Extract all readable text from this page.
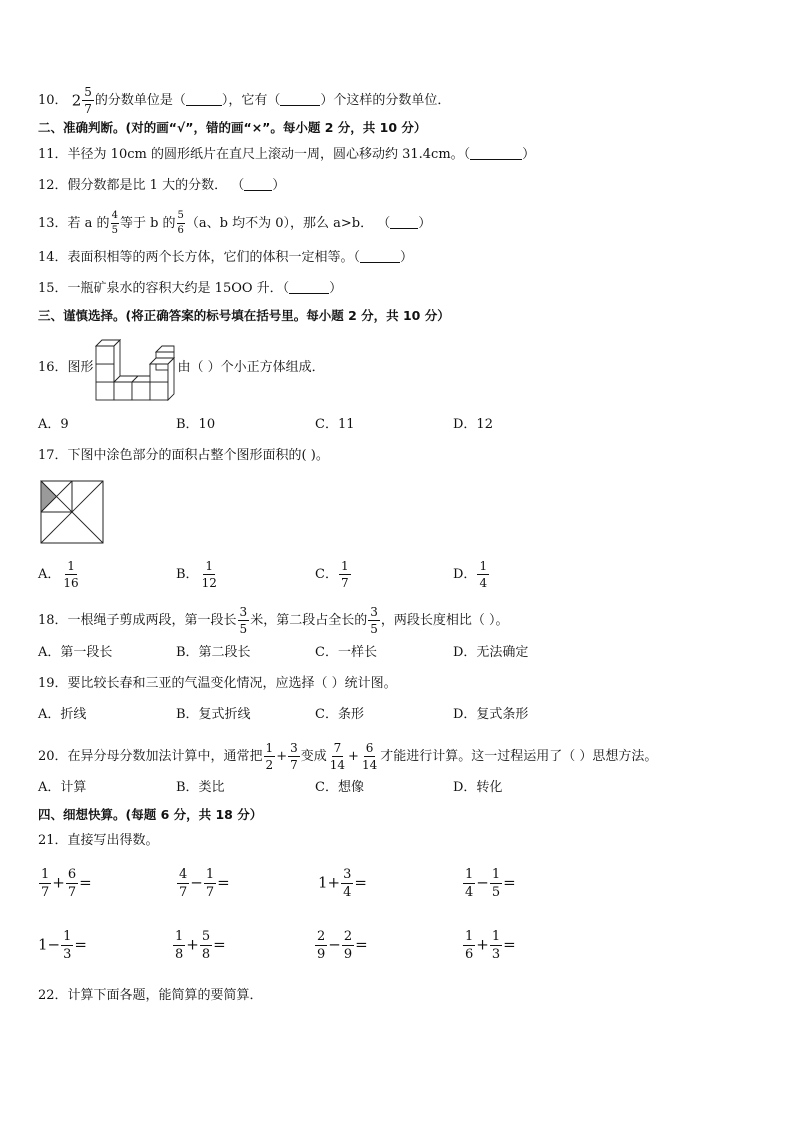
10． $2 \frac{5}{7}$ 的分数单位是（	），它有（	）个这样的分数单位．
二、准确判断。(对的画“√”，错的画“×”。每小题 2 分，共 10 分）
11．半径为 10cm 的圆形纸片在直尺上滚动一周，圆心移动约 31.4cm。（	）
12．假分数都是比 1 大的分数． （ ）
13．若 a 的 $\frac{4}{5}$ 等于 b 的 $\frac{5}{6} (a$、b 均不为 0），那么 a>b． （ ）
14．表面积相等的两个长方体，它们的体积一定相等。（	）
15．一瓶矿泉水的容积大约是 15OO 升．（	）
三、谨慎选择。(将正确答案的标号填在括号里。每小题 2 分，共 10 分）
16．图形	由（ ）个小正方体组成．
A．9	B．10	C．11	D．12
17．下图中涂色部分的面积占整个图形面积的( )。
A． $\frac{1}{16}$	B． $\frac{1}{12}$	C． $\frac{1}{7}$	D． $\frac{1}{4}$
18．一根绳子剪成两段，第一段长 $\frac{3}{5}$ 米，第二段占全长的 $\frac{3}{5}$ ，两段长度相比（ ）。
A．第一段长	B．第二段长	C．一样长	D．无法确定
19．要比较长春和三亚的气温变化情况，应选择（ ）统计图。
A．折线	B．复式折线	C．条形	D．复式条形
20．在异分母分数加法计算中，通常把 $\frac{1}{2} + \frac{3}{7}$ 变成 $\frac{7}{14} + \frac{6}{14}$ 才能进行计算。这一过程运用了（ ）思想方法。
A．计算	B．类比	C．想像	D．转化
四、细想快算。(每题 6 分，共 18 分）
21．直接写出得数。
$\frac{1}{7} + \frac{6}{7}$ =	$\frac{4}{7} - \frac{1}{7}$ =	$1+ \frac{3}{4}$ =	$\frac{1}{4} - \frac{1}{5}$ =
$1- \frac{1}{3}$ =	$\frac{1}{8} + \frac{5}{8}$ =	$\frac{2}{9} - \frac{2}{9}$ =	$\frac{1}{6} + \frac{1}{3}$ =
22．计算下面各题，能简算的要简算．
